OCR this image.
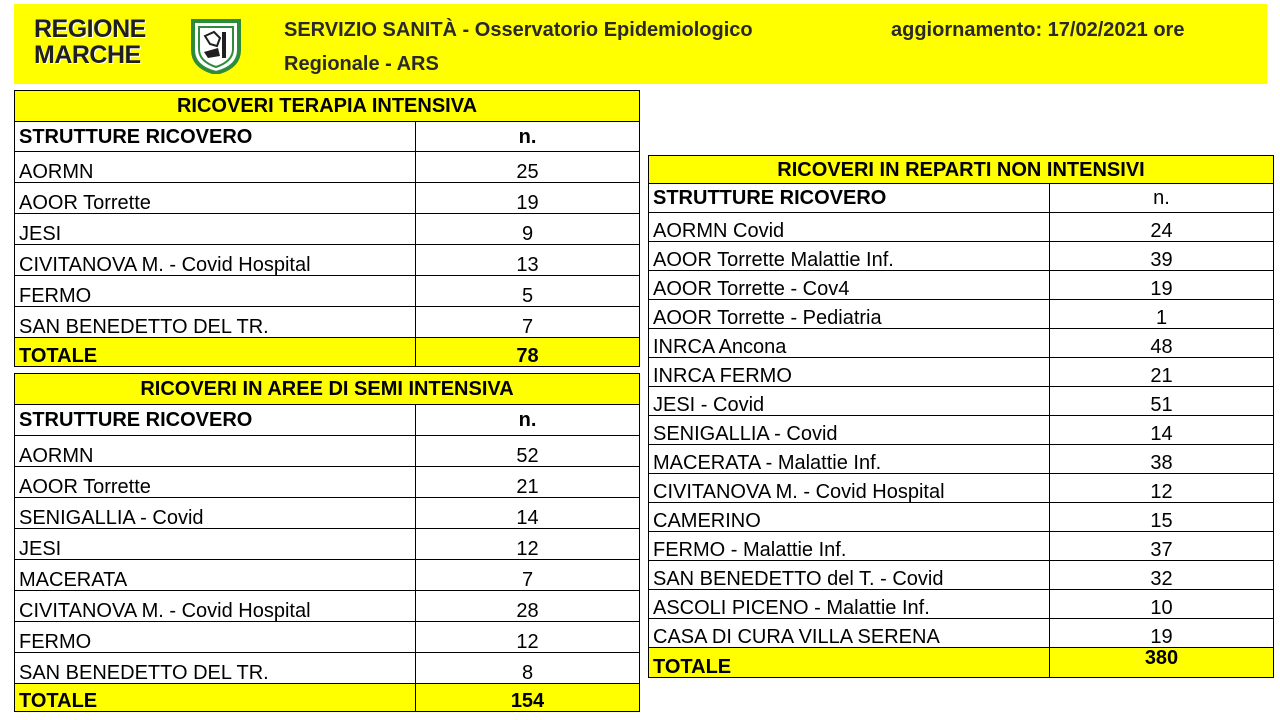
REGIONE
MARCHE
SERVIZIO SANITÀ - Osservatorio Epidemiologico
Regionale - ARS
aggiornamento: 17/02/2021 ore
RICOVERI TERAPIA INTENSIVA	
STRUTTURE RICOVERO	n.
AORMN	25
AOOR Torrette	19
JESI	9
CIVITANOVA M. - Covid Hospital	13
FERMO	5
SAN BENEDETTO DEL TR.	7
TOTALE	78
RICOVERI IN AREE DI SEMI INTENSIVA	
STRUTTURE RICOVERO	n.
AORMN	52
AOOR Torrette	21
SENIGALLIA - Covid	14
JESI	12
MACERATA	7
CIVITANOVA M. - Covid Hospital	28
FERMO	12
SAN BENEDETTO DEL TR.	8
TOTALE	154
RICOVERI IN REPARTI NON INTENSIVI	
STRUTTURE RICOVERO	n.
AORMN Covid	24
AOOR Torrette Malattie Inf.	39
AOOR Torrette - Cov4	19
AOOR Torrette - Pediatria	1
INRCA Ancona	48
INRCA FERMO	21
JESI - Covid	51
SENIGALLIA - Covid	14
MACERATA - Malattie Inf.	38
CIVITANOVA M. - Covid Hospital	12
CAMERINO	15
FERMO - Malattie Inf.	37
SAN BENEDETTO del T. - Covid	32
ASCOLI PICENO - Malattie Inf.	10
CASA DI CURA VILLA SERENA	19
TOTALE	380
